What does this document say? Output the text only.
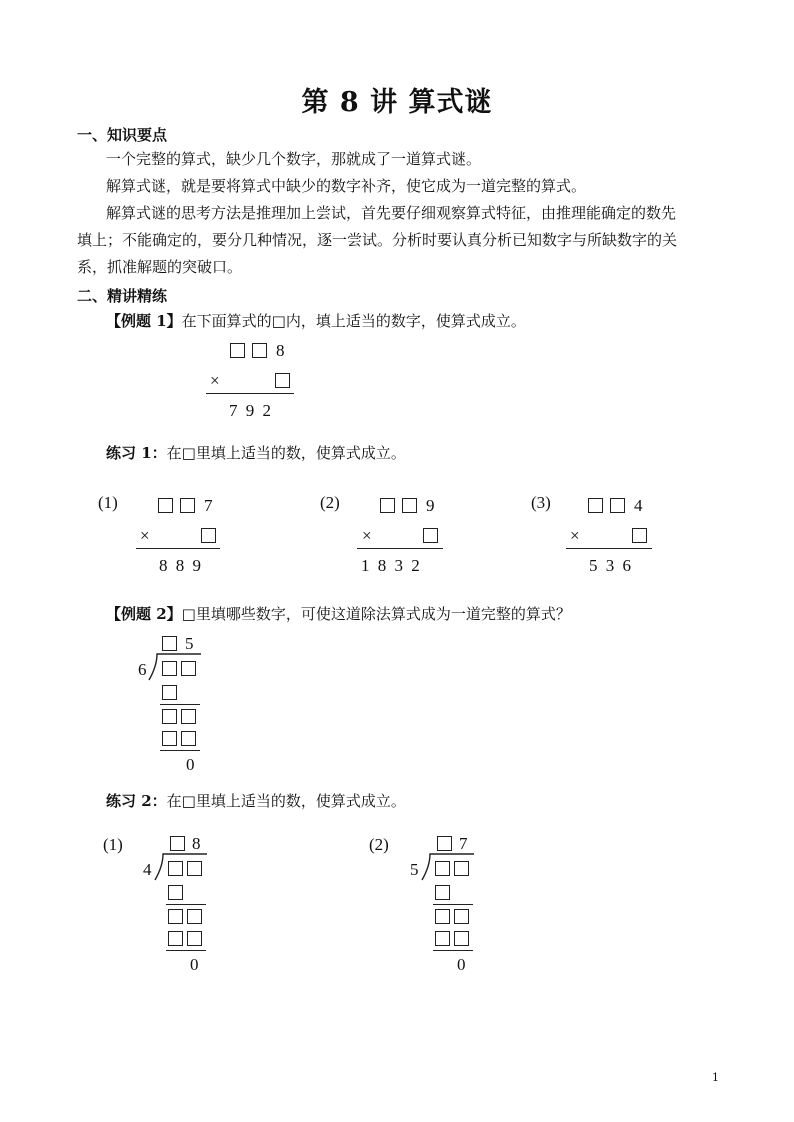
第 8 讲 算式谜
一、知识要点
一个完整的算式，缺少几个数字，那就成了一道算式谜。
解算式谜，就是要将算式中缺少的数字补齐，使它成为一道完整的算式。
解算式谜的思考方法是推理加上尝试，首先要仔细观察算式特征，由推理能确定的数先
填上；不能确定的，要分几种情况，逐一尝试。分析时要认真分析已知数字与所缺数字的关
系，抓准解题的突破口。
二、精讲精练
【例题 1】在下面算式的□内，填上适当的数字，使算式成立。
8
×
7 9 2
练习 1：在□里填上适当的数，使算式成立。
(1)	7
×
8 8 9
(2)	9
×
1 8 3 2
(3)	4
×
5 3 6
【例题 2】□里填哪些数字，可使这道除法算式成为一道完整的算式？
5
6
0
练习 2：在□里填上适当的数，使算式成立。
(1)	8
4
0
(2)	7
5
0
1
